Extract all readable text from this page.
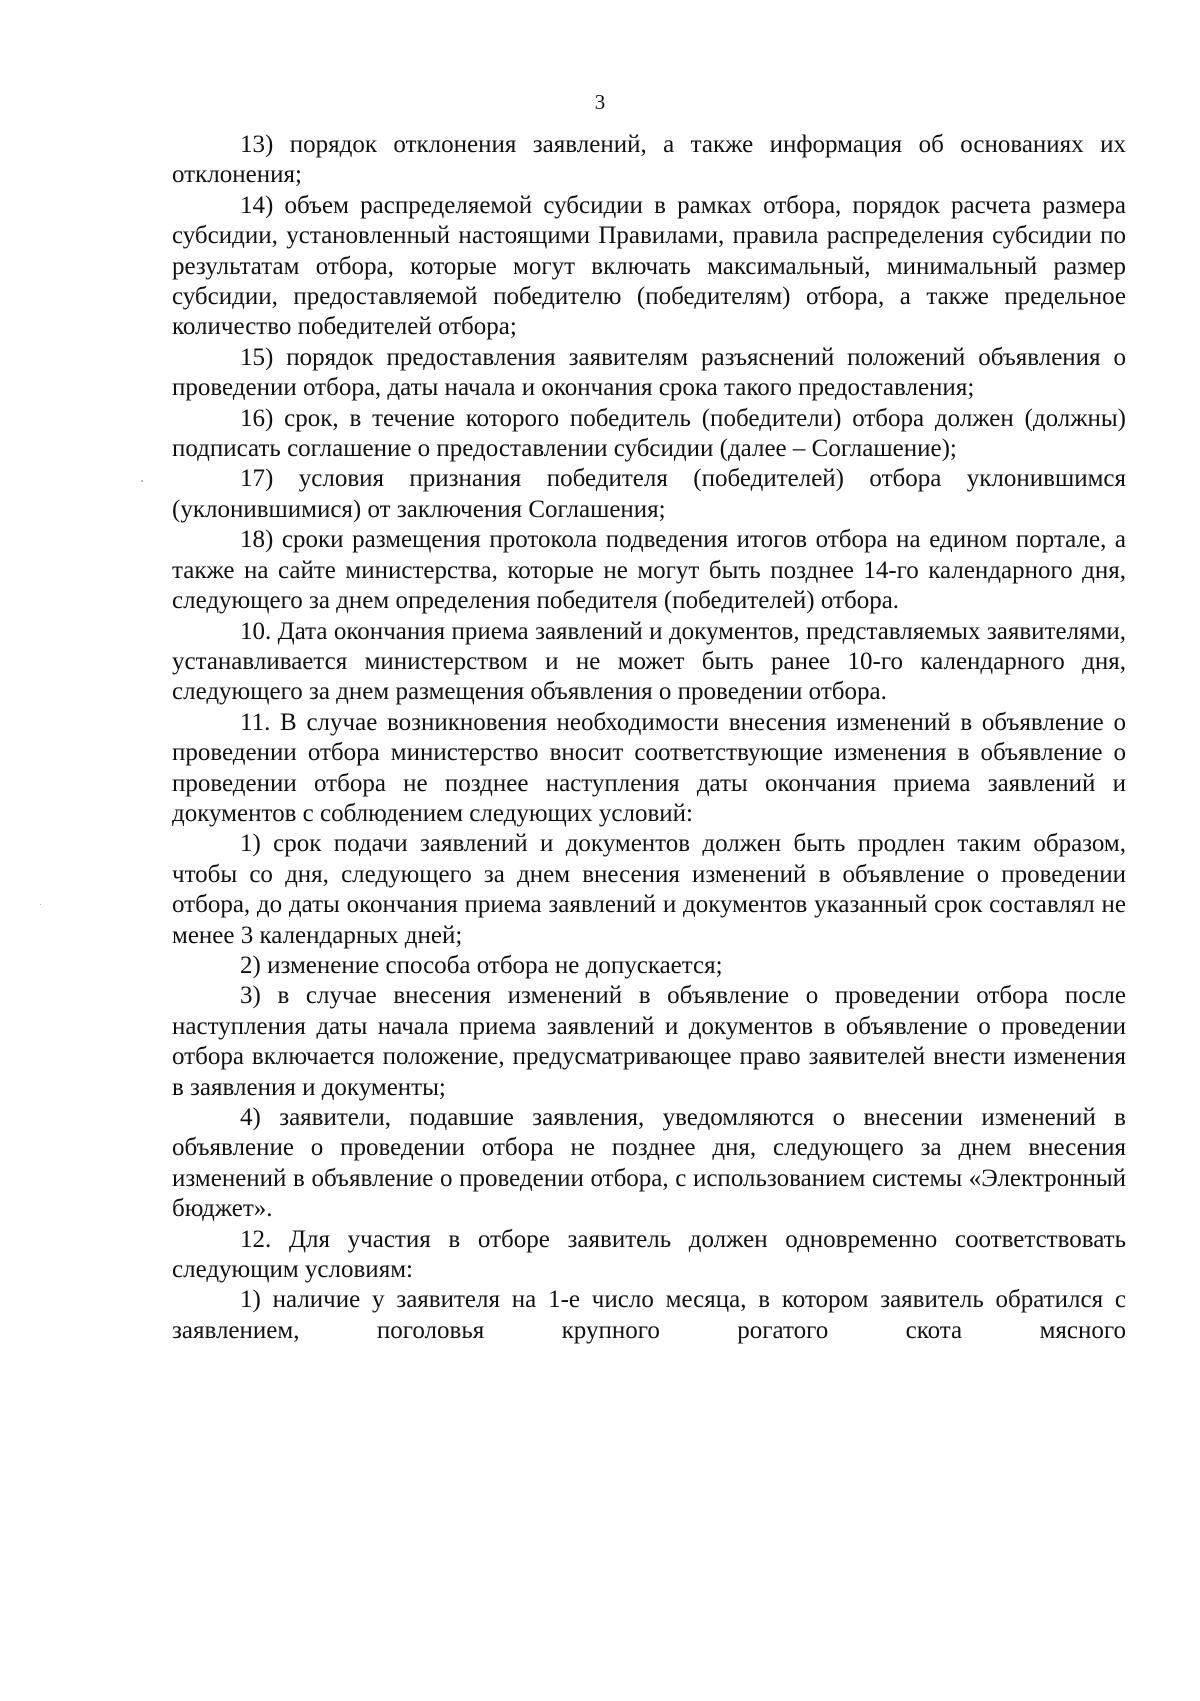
3

13) порядок отклонения заявлений, а также информация об основаниях их отклонения;

14) объем распределяемой субсидии в рамках отбора, порядок расчета размера субсидии, установленный настоящими Правилами, правила распределения субсидии по результатам отбора, которые могут включать максимальный, минимальный размер субсидии, предоставляемой победителю (победителям) отбора, а также предельное количество победителей отбора;

15) порядок предоставления заявителям разъяснений положений объявления о проведении отбора, даты начала и окончания срока такого предоставления;

16) срок, в течение которого победитель (победители) отбора должен (должны) подписать соглашение о предоставлении субсидии (далее – Соглашение);

17) условия признания победителя (победителей) отбора уклонившимся (уклонившимися) от заключения Соглашения;

18) сроки размещения протокола подведения итогов отбора на едином портале, а также на сайте министерства, которые не могут быть позднее 14-го календарного дня, следующего за днем определения победителя (победителей) отбора.

10. Дата окончания приема заявлений и документов, представляемых заявителями, устанавливается министерством и не может быть ранее 10-го календарного дня, следующего за днем размещения объявления о проведении отбора.

11. В случае возникновения необходимости внесения изменений в объявление о проведении отбора министерство вносит соответствующие изменения в объявление о проведении отбора не позднее наступления даты окончания приема заявлений и документов с соблюдением следующих условий:

1) срок подачи заявлений и документов должен быть продлен таким образом, чтобы со дня, следующего за днем внесения изменений в объявление о проведении отбора, до даты окончания приема заявлений и документов указанный срок составлял не менее 3 календарных дней;

2) изменение способа отбора не допускается;

3) в случае внесения изменений в объявление о проведении отбора после наступления даты начала приема заявлений и документов в объявление о проведении отбора включается положение, предусматривающее право заявителей внести изменения в заявления и документы;

4) заявители, подавшие заявления, уведомляются о внесении изменений в объявление о проведении отбора не позднее дня, следующего за днем внесения изменений в объявление о проведении отбора, с использованием системы «Электронный бюджет».

12. Для участия в отборе заявитель должен одновременно соответствовать следующим условиям:

1) наличие у заявителя на 1-е число месяца, в котором заявитель обратился с заявлением, поголовья крупного рогатого скота мясного
